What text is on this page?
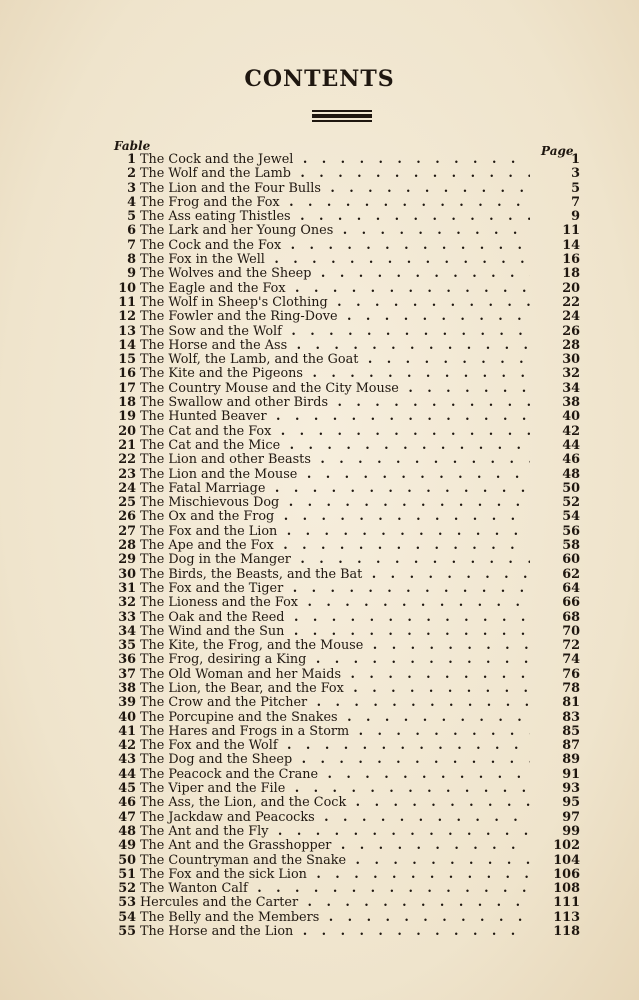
CONTENTS
Fable	Page
1 The Cock and the Jewel . . .	1
2 The Wolf and the Lamb . . .	3
3 The Lion and the Four Bulls . . .	5
4 The Frog and the Fox . . .	7
5 The Ass eating Thistles . . .	9
6 The Lark and her Young Ones . . .	11
7 The Cock and the Fox . . .	14
8 The Fox in the Well . . .	16
9 The Wolves and the Sheep . . .	18
10 The Eagle and the Fox . . .	20
11 The Wolf in Sheep's Clothing . . .	22
12 The Fowler and the Ring-Dove . . .	24
13 The Sow and the Wolf . . .	26
14 The Horse and the Ass . . .	28
15 The Wolf, the Lamb, and the Goat . . .	30
16 The Kite and the Pigeons . . .	32
17 The Country Mouse and the City Mouse . . .	34
18 The Swallow and other Birds . . .	38
19 The Hunted Beaver . . .	40
20 The Cat and the Fox . . .	42
21 The Cat and the Mice . . .	44
22 The Lion and other Beasts . . .	46
23 The Lion and the Mouse . . .	48
24 The Fatal Marriage . . .	50
25 The Mischievous Dog . . .	52
26 The Ox and the Frog . . .	54
27 The Fox and the Lion . . .	56
28 The Ape and the Fox . . .	58
29 The Dog in the Manger . . .	60
30 The Birds, the Beasts, and the Bat . . .	62
31 The Fox and the Tiger . . .	64
32 The Lioness and the Fox . . .	66
33 The Oak and the Reed . . .	68
34 The Wind and the Sun . . .	70
35 The Kite, the Frog, and the Mouse . . .	72
36 The Frog, desiring a King . . .	74
37 The Old Woman and her Maids . . .	76
38 The Lion, the Bear, and the Fox . . .	78
39 The Crow and the Pitcher . . .	81
40 The Porcupine and the Snakes . . .	83
41 The Hares and Frogs in a Storm . . .	85
42 The Fox and the Wolf . . .	87
43 The Dog and the Sheep . . .	89
44 The Peacock and the Crane . . .	91
45 The Viper and the File . . .	93
46 The Ass, the Lion, and the Cock . . .	95
47 The Jackdaw and Peacocks . . .	97
48 The Ant and the Fly . . .	99
49 The Ant and the Grasshopper . . .	102
50 The Countryman and the Snake . . .	104
51 The Fox and the sick Lion . . .	106
52 The Wanton Calf . . .	108
53 Hercules and the Carter . . .	111
54 The Belly and the Members . . .	113
55 The Horse and the Lion . . .	118
